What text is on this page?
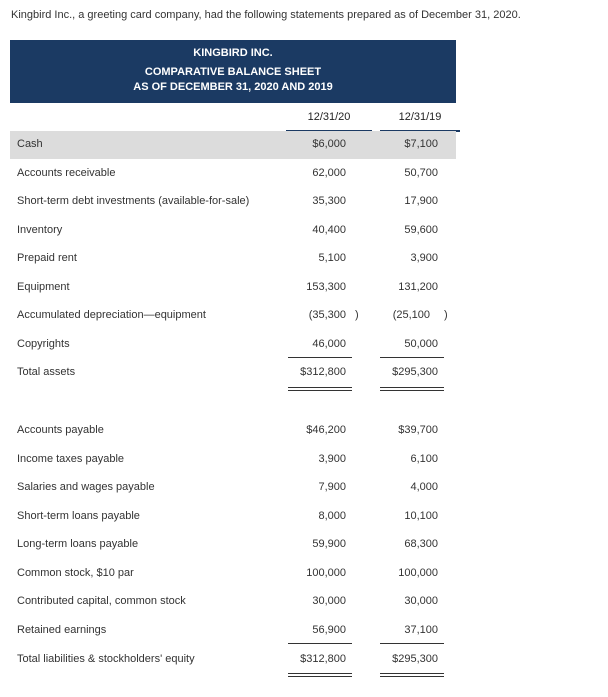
Kingbird Inc., a greeting card company, had the following statements prepared as of December 31, 2020.
KINGBIRD INC.
COMPARATIVE BALANCE SHEET
AS OF DECEMBER 31, 2020 AND 2019
12/31/20	12/31/19
Cash	$6,000	$7,100
Accounts receivable	62,000	50,700
Short-term debt investments (available-for-sale)	35,300	17,900
Inventory	40,400	59,600
Prepaid rent	5,100	3,900
Equipment	153,300	131,200
Accumulated depreciation—equipment	(35,300 )	(25,100 )
Copyrights	46,000	50,000
Total assets	$312,800	$295,300
Accounts payable	$46,200	$39,700
Income taxes payable	3,900	6,100
Salaries and wages payable	7,900	4,000
Short-term loans payable	8,000	10,100
Long-term loans payable	59,900	68,300
Common stock, $10 par	100,000	100,000
Contributed capital, common stock	30,000	30,000
Retained earnings	56,900	37,100
Total liabilities & stockholders' equity	$312,800	$295,300
